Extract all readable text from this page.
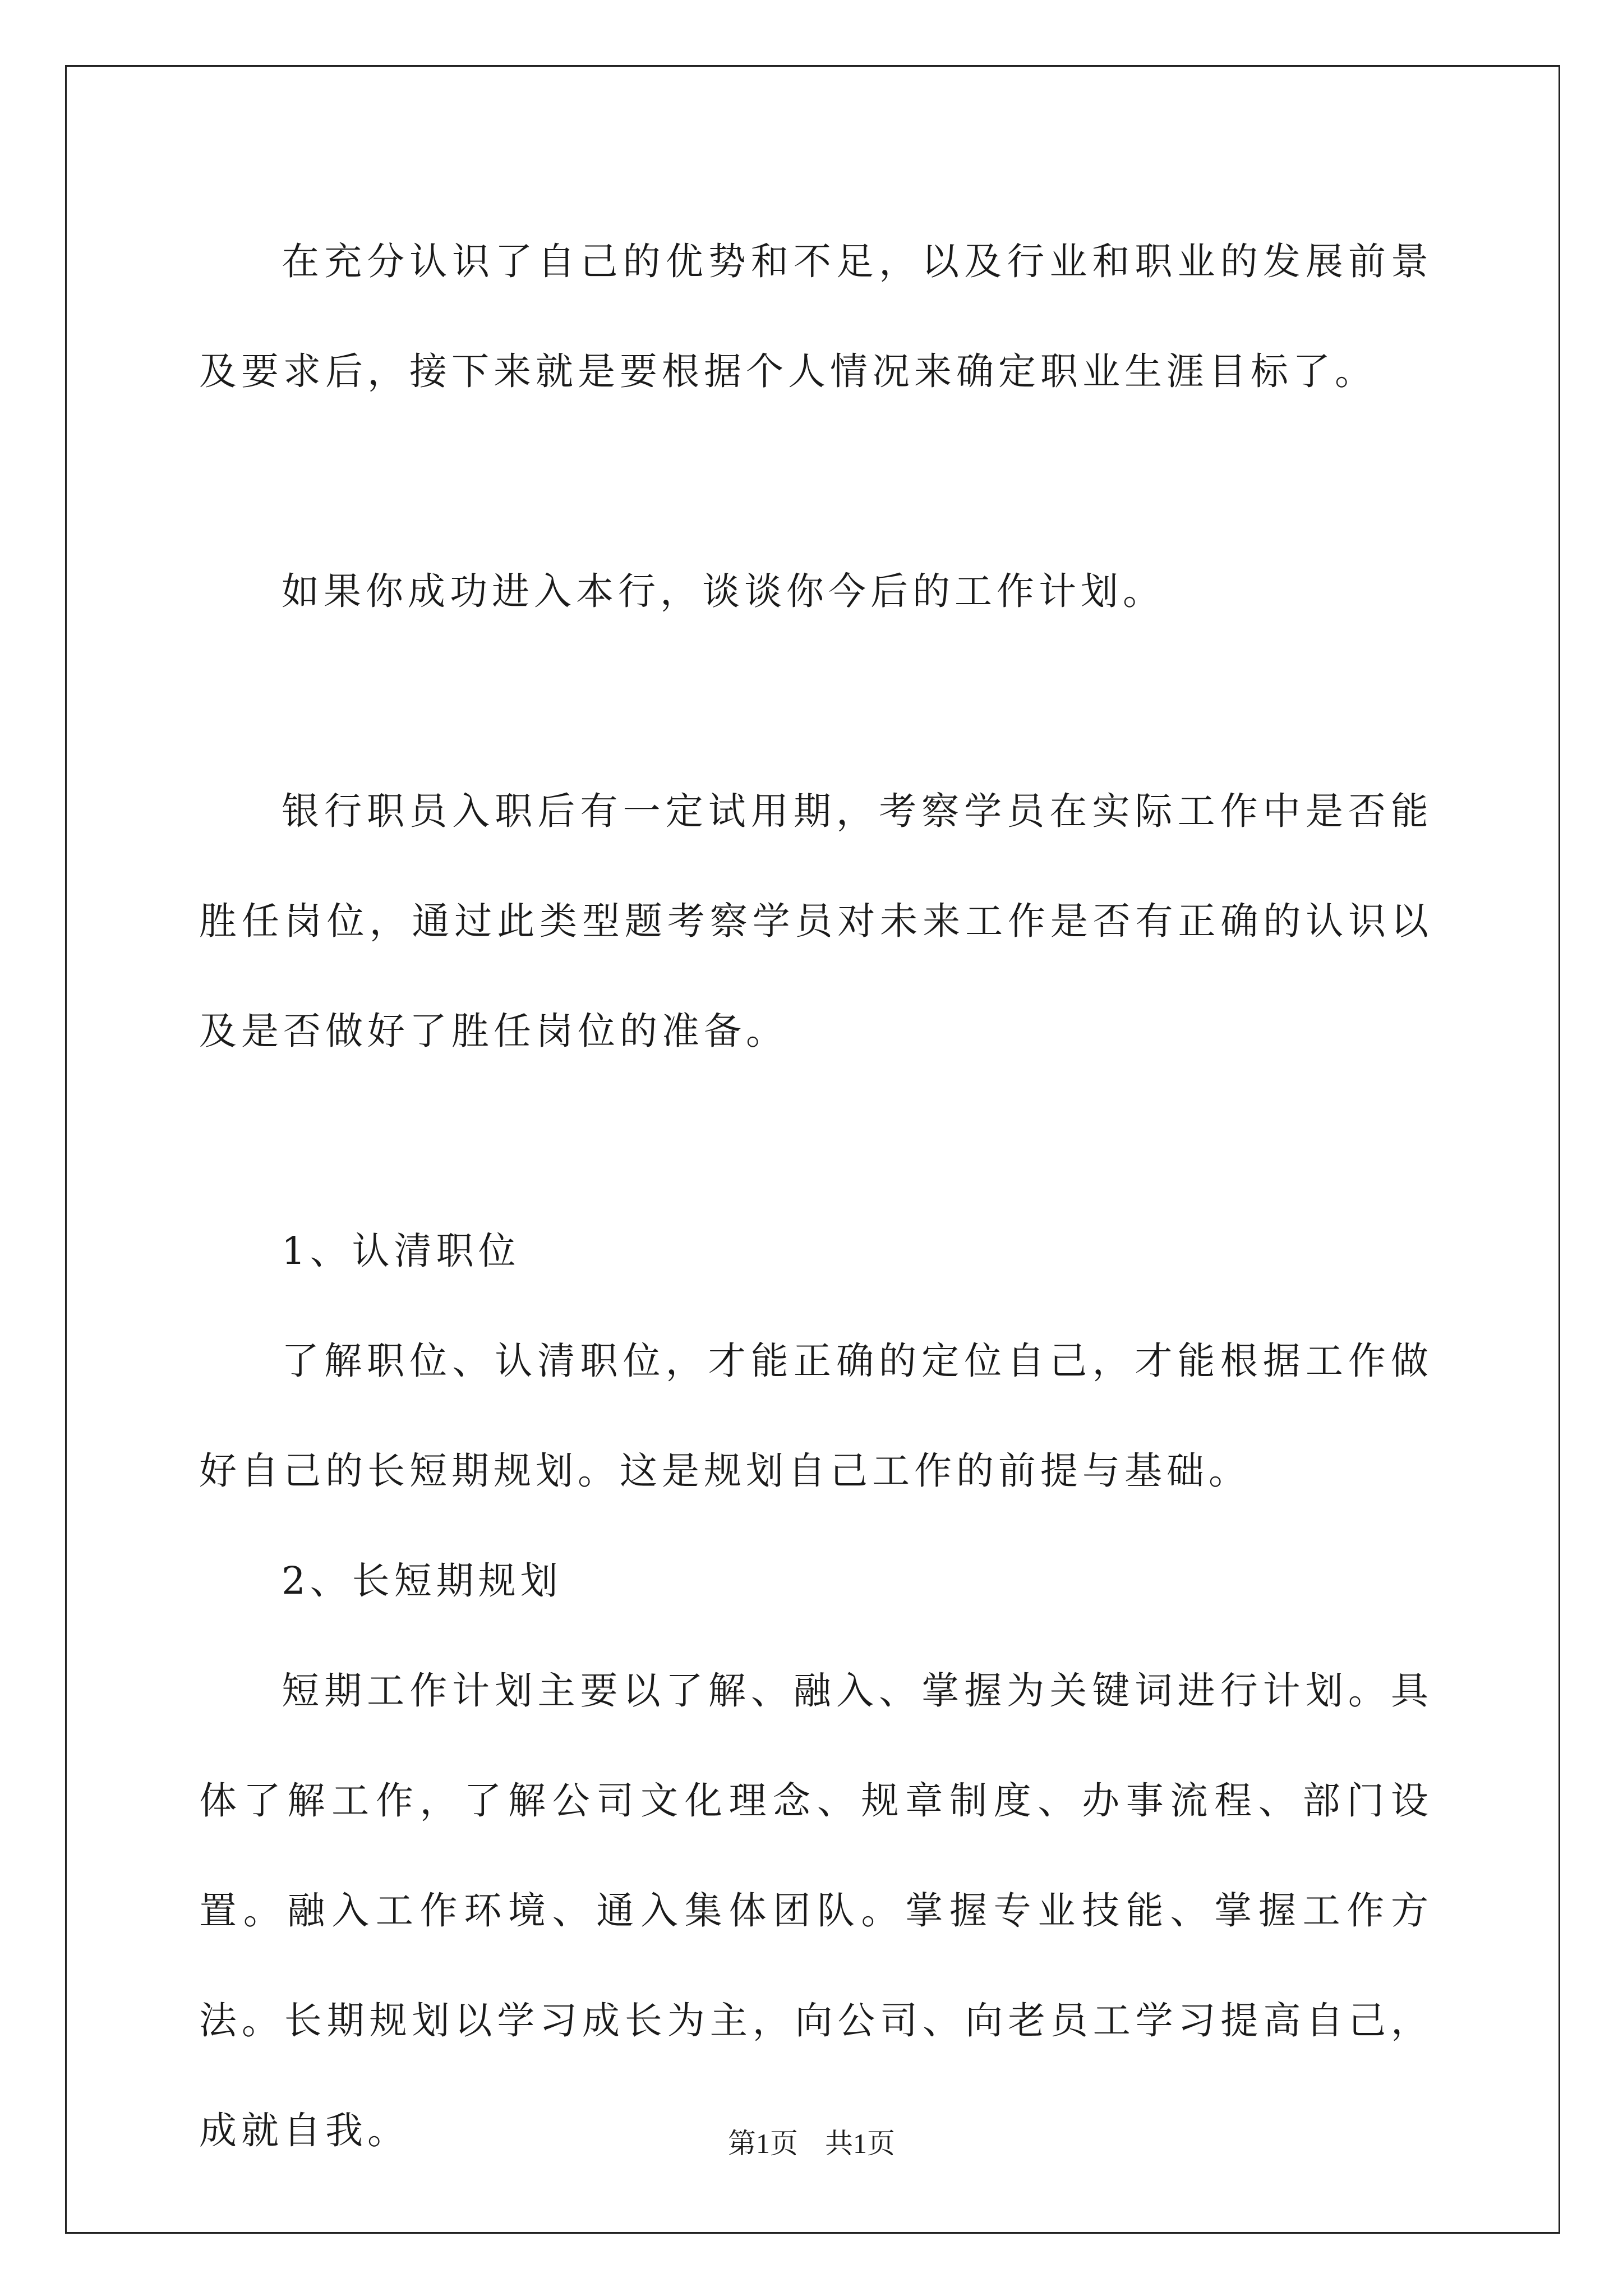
在充分认识了自己的优势和不足，以及行业和职业的发展前景及要求后，接下来就是要根据个人情况来确定职业生涯目标了。

如果你成功进入本行，谈谈你今后的工作计划。

银行职员入职后有一定试用期，考察学员在实际工作中是否能胜任岗位，通过此类型题考察学员对未来工作是否有正确的认识以及是否做好了胜任岗位的准备。

1、认清职位

了解职位、认清职位，才能正确的定位自己，才能根据工作做好自己的长短期规划。这是规划自己工作的前提与基础。

2、长短期规划

短期工作计划主要以了解、融入、掌握为关键词进行计划。具体了解工作，了解公司文化理念、规章制度、办事流程、部门设置。融入工作环境、通入集体团队。掌握专业技能、掌握工作方法。长期规划以学习成长为主，向公司、向老员工学习提高自己，成就自我。	第1页 共1页
